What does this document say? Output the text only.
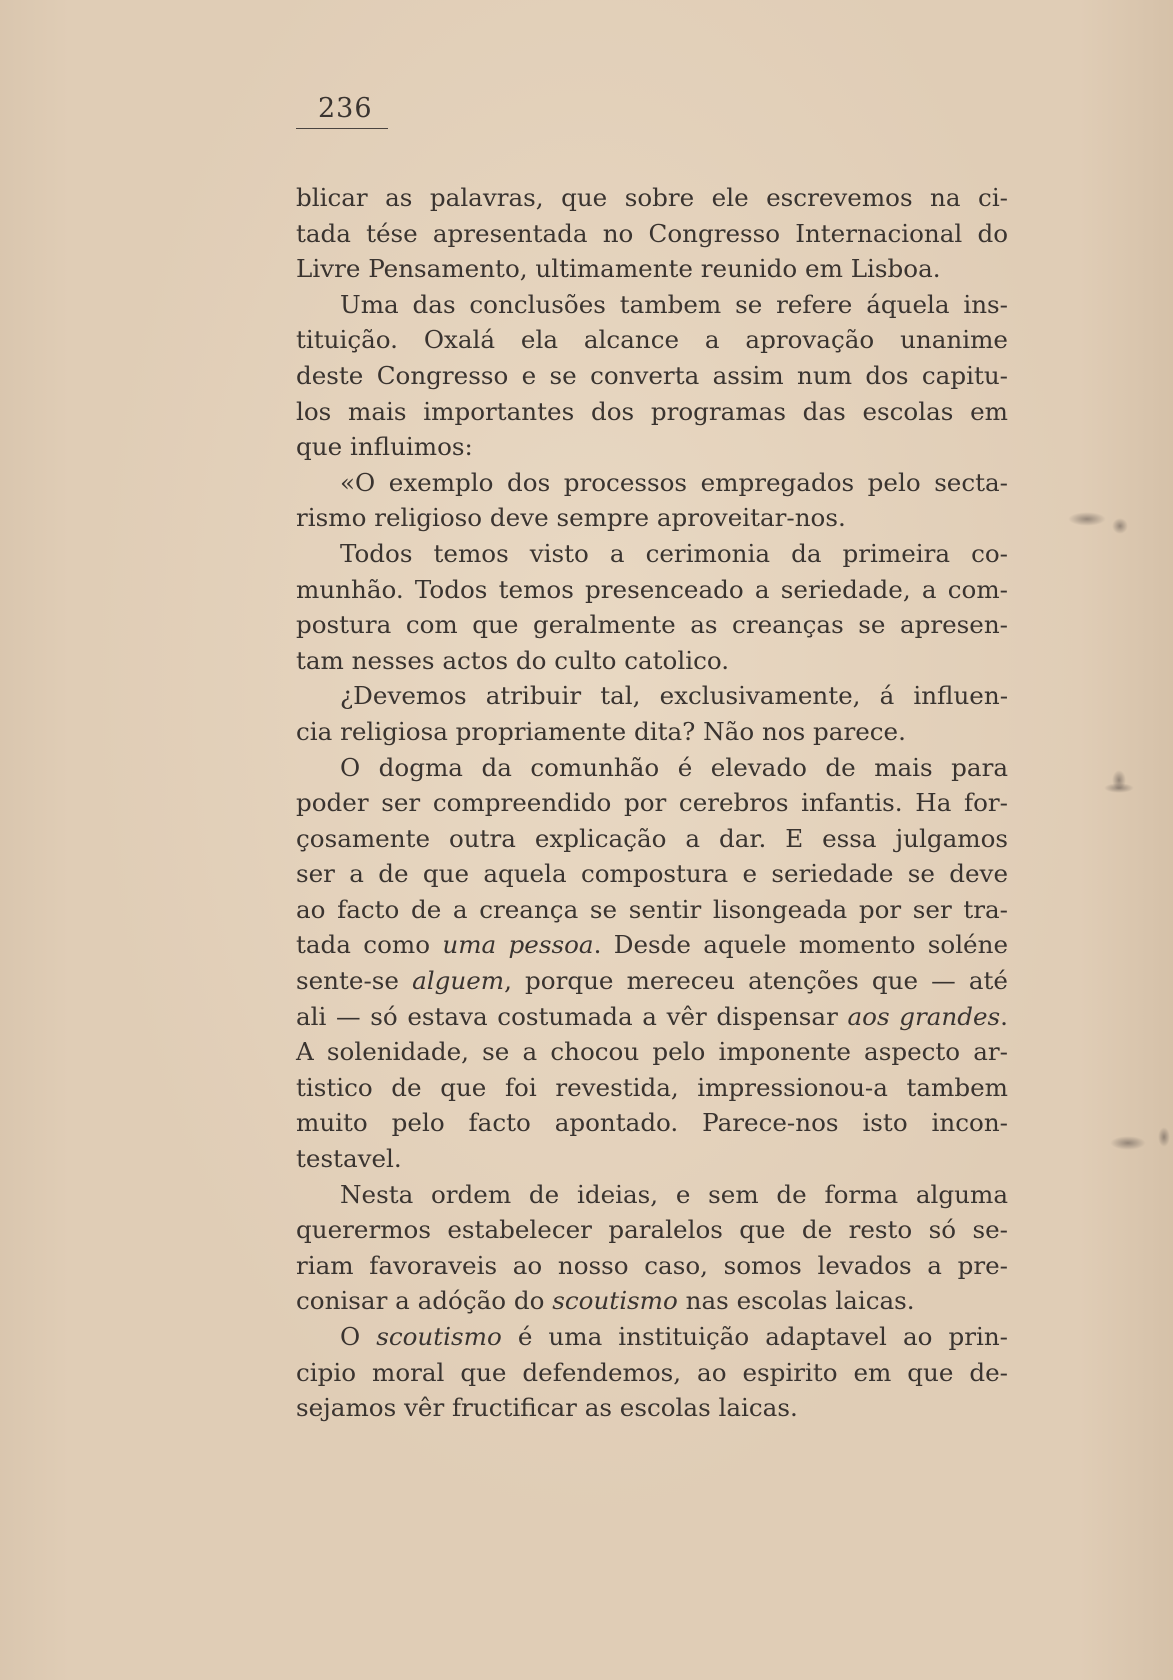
236
blicar as palavras, que sobre ele escrevemos na ci-
tada tése apresentada no Congresso Internacional do
Livre Pensamento, ultimamente reunido em Lisboa.
Uma das conclusões tambem se refere áquela ins-
tituição. Oxalá ela alcance a aprovação unanime
deste Congresso e se converta assim num dos capitu-
los mais importantes dos programas das escolas em
que influimos:
«O exemplo dos processos empregados pelo secta-
rismo religioso deve sempre aproveitar-nos.
Todos temos visto a cerimonia da primeira co-
munhão. Todos temos presenceado a seriedade, a com-
postura com que geralmente as creanças se apresen-
tam nesses actos do culto catolico.
¿Devemos atribuir tal, exclusivamente, á influen-
cia religiosa propriamente dita? Não nos parece.
O dogma da comunhão é elevado de mais para
poder ser compreendido por cerebros infantis. Ha for-
çosamente outra explicação a dar. E essa julgamos
ser a de que aquela compostura e seriedade se deve
ao facto de a creança se sentir lisongeada por ser tra-
tada como uma pessoa. Desde aquele momento soléne
sente-se alguem, porque mereceu atenções que — até
ali — só estava costumada a vêr dispensar aos grandes.
A solenidade, se a chocou pelo imponente aspecto ar-
tistico de que foi revestida, impressionou-a tambem
muito pelo facto apontado. Parece-nos isto incon-
testavel.
Nesta ordem de ideias, e sem de forma alguma
querermos estabelecer paralelos que de resto só se-
riam favoraveis ao nosso caso, somos levados a pre-
conisar a adóção do scoutismo nas escolas laicas.
O scoutismo é uma instituição adaptavel ao prin-
cipio moral que defendemos, ao espirito em que de-
sejamos vêr fructificar as escolas laicas.
